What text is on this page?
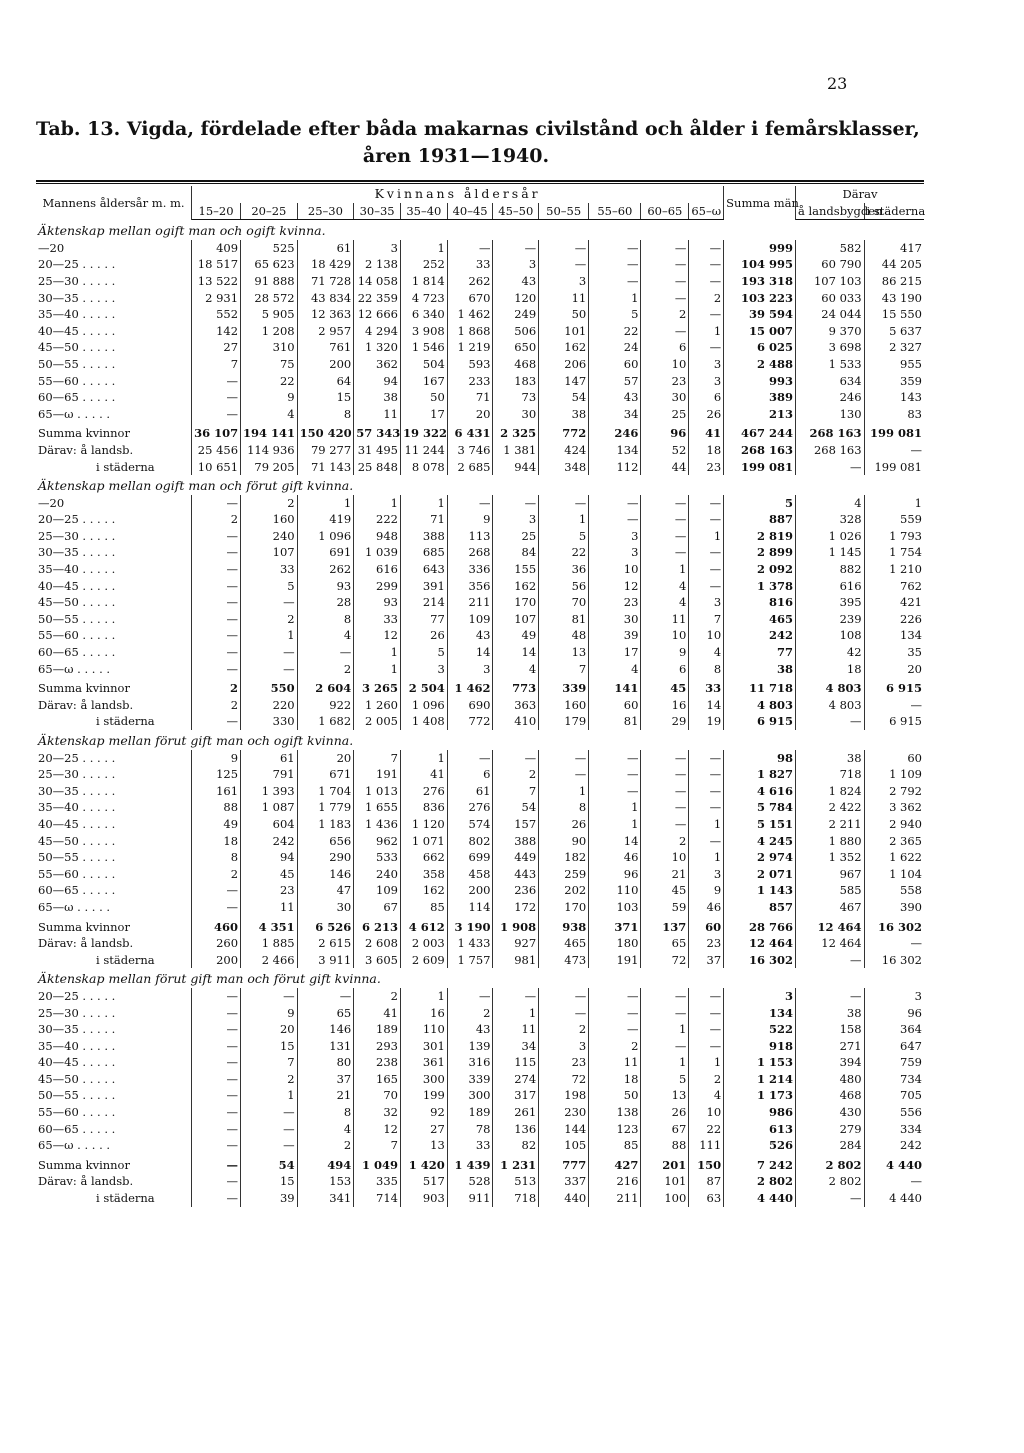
23
Tab. 13. Vigda, fördelade efter båda makarnas civilstånd och ålder i femårsklasser,
åren 1931—1940.
Mannens åldersår m. m.	Kvinnans åldersår											Summa män	Därav	
	15–20	20–25	25–30	30–35	35–40	40–45	45–50	50–55	55–60	60–65	65–ω		å landsbygden	i städerna
Äktenskap mellan ogift man och ogift kvinna.														
—20	409	525	61	3	1	—	—	—	—	—	—	999	582	417
20—25 . . . . .	18 517	65 623	18 429	2 138	252	33	3	—	—	—	—	104 995	60 790	44 205
25—30 . . . . .	13 522	91 888	71 728	14 058	1 814	262	43	3	—	—	—	193 318	107 103	86 215
30—35 . . . . .	2 931	28 572	43 834	22 359	4 723	670	120	11	1	—	2	103 223	60 033	43 190
35—40 . . . . .	552	5 905	12 363	12 666	6 340	1 462	249	50	5	2	—	39 594	24 044	15 550
40—45 . . . . .	142	1 208	2 957	4 294	3 908	1 868	506	101	22	—	1	15 007	9 370	5 637
45—50 . . . . .	27	310	761	1 320	1 546	1 219	650	162	24	6	—	6 025	3 698	2 327
50—55 . . . . .	7	75	200	362	504	593	468	206	60	10	3	2 488	1 533	955
55—60 . . . . .	—	22	64	94	167	233	183	147	57	23	3	993	634	359
60—65 . . . . .	—	9	15	38	50	71	73	54	43	30	6	389	246	143
65—ω . . . . .	—	4	8	11	17	20	30	38	34	25	26	213	130	83
Summa kvinnor	36 107	194 141	150 420	57 343	19 322	6 431	2 325	772	246	96	41	467 244	268 163	199 081
Därav: å landsb.	25 456	114 936	79 277	31 495	11 244	3 746	1 381	424	134	52	18	268 163	268 163	—
i städerna	10 651	79 205	71 143	25 848	8 078	2 685	944	348	112	44	23	199 081	—	199 081
Äktenskap mellan ogift man och förut gift kvinna.														
—20	—	2	1	1	1	—	—	—	—	—	—	5	4	1
20—25 . . . . .	2	160	419	222	71	9	3	1	—	—	—	887	328	559
25—30 . . . . .	—	240	1 096	948	388	113	25	5	3	—	1	2 819	1 026	1 793
30—35 . . . . .	—	107	691	1 039	685	268	84	22	3	—	—	2 899	1 145	1 754
35—40 . . . . .	—	33	262	616	643	336	155	36	10	1	—	2 092	882	1 210
40—45 . . . . .	—	5	93	299	391	356	162	56	12	4	—	1 378	616	762
45—50 . . . . .	—	—	28	93	214	211	170	70	23	4	3	816	395	421
50—55 . . . . .	—	2	8	33	77	109	107	81	30	11	7	465	239	226
55—60 . . . . .	—	1	4	12	26	43	49	48	39	10	10	242	108	134
60—65 . . . . .	—	—	—	1	5	14	14	13	17	9	4	77	42	35
65—ω . . . . .	—	—	2	1	3	3	4	7	4	6	8	38	18	20
Summa kvinnor	2	550	2 604	3 265	2 504	1 462	773	339	141	45	33	11 718	4 803	6 915
Därav: å landsb.	2	220	922	1 260	1 096	690	363	160	60	16	14	4 803	4 803	—
i städerna	—	330	1 682	2 005	1 408	772	410	179	81	29	19	6 915	—	6 915
Äktenskap mellan förut gift man och ogift kvinna.														
20—25 . . . . .	9	61	20	7	1	—	—	—	—	—	—	98	38	60
25—30 . . . . .	125	791	671	191	41	6	2	—	—	—	—	1 827	718	1 109
30—35 . . . . .	161	1 393	1 704	1 013	276	61	7	1	—	—	—	4 616	1 824	2 792
35—40 . . . . .	88	1 087	1 779	1 655	836	276	54	8	1	—	—	5 784	2 422	3 362
40—45 . . . . .	49	604	1 183	1 436	1 120	574	157	26	1	—	1	5 151	2 211	2 940
45—50 . . . . .	18	242	656	962	1 071	802	388	90	14	2	—	4 245	1 880	2 365
50—55 . . . . .	8	94	290	533	662	699	449	182	46	10	1	2 974	1 352	1 622
55—60 . . . . .	2	45	146	240	358	458	443	259	96	21	3	2 071	967	1 104
60—65 . . . . .	—	23	47	109	162	200	236	202	110	45	9	1 143	585	558
65—ω . . . . .	—	11	30	67	85	114	172	170	103	59	46	857	467	390
Summa kvinnor	460	4 351	6 526	6 213	4 612	3 190	1 908	938	371	137	60	28 766	12 464	16 302
Därav: å landsb.	260	1 885	2 615	2 608	2 003	1 433	927	465	180	65	23	12 464	12 464	—
i städerna	200	2 466	3 911	3 605	2 609	1 757	981	473	191	72	37	16 302	—	16 302
Äktenskap mellan förut gift man och förut gift kvinna.														
20—25 . . . . .	—	—	—	2	1	—	—	—	—	—	—	3	—	3
25—30 . . . . .	—	9	65	41	16	2	1	—	—	—	—	134	38	96
30—35 . . . . .	—	20	146	189	110	43	11	2	—	1	—	522	158	364
35—40 . . . . .	—	15	131	293	301	139	34	3	2	—	—	918	271	647
40—45 . . . . .	—	7	80	238	361	316	115	23	11	1	1	1 153	394	759
45—50 . . . . .	—	2	37	165	300	339	274	72	18	5	2	1 214	480	734
50—55 . . . . .	—	1	21	70	199	300	317	198	50	13	4	1 173	468	705
55—60 . . . . .	—	—	8	32	92	189	261	230	138	26	10	986	430	556
60—65 . . . . .	—	—	4	12	27	78	136	144	123	67	22	613	279	334
65—ω . . . . .	—	—	2	7	13	33	82	105	85	88	111	526	284	242
Summa kvinnor	—	54	494	1 049	1 420	1 439	1 231	777	427	201	150	7 242	2 802	4 440
Därav: å landsb.	—	15	153	335	517	528	513	337	216	101	87	2 802	2 802	—
i städerna	—	39	341	714	903	911	718	440	211	100	63	4 440	—	4 440
